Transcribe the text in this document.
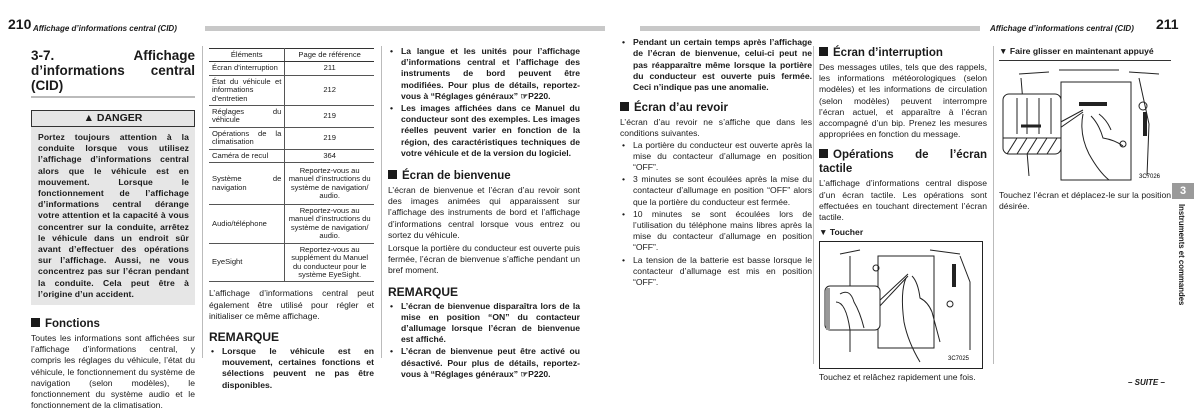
210 Affichage d’informations central (CID)	Affichage d’informations central (CID) 211
3-7. Affichage d’informations central (CID)
▲ DANGER
Portez toujours attention à la conduite lorsque vous utilisez l’affichage d’informations central alors que le véhicule est en mouvement. Lorsque le fonctionnement de l’affichage d’informations central dérange votre attention et la capacité à vous concentrer sur la conduite, arrêtez le véhicule dans un endroit sûr avant d’effectuer des opérations sur l’affichage. Aussi, ne vous concentrez pas sur l’écran pendant la conduite. Cela peut être à l’origine d’un accident.
Fonctions

Toutes les informations sont affichées sur l’affichage d’informations central, y compris les réglages du véhicule, l’état du véhicule, le fonctionnement du système de navigation (selon modèles), le fonctionnement du système audio et le fonctionnement de la climatisation.

Éléments	Page de référence
Écran d’interruption	211
État du véhicule et informations d’entretien	212
Réglages du véhicule	219
Opérations de la climatisation	219
Caméra de recul	364
Système de navigation	Reportez-vous au manuel d’instructions du système de navigation/ audio.
Audio/téléphone	Reportez-vous au manuel d’instructions du système de navigation/ audio.
EyeSight	Reportez-vous au supplément du Manuel du conducteur pour le système EyeSight.

L’affichage d’informations central peut également être utilisé pour régler et initialiser ce même affichage.

REMARQUE
• Lorsque le véhicule est en mouvement, certaines fonctions et sélections peuvent ne pas être disponibles.
• La langue et les unités pour l’affichage d’informations central et l’affichage des instruments de bord peuvent être modifiées. Pour plus de détails, reportez-vous à “Réglages généraux” ☞P220.
• Les images affichées dans ce Manuel du conducteur sont des exemples. Les images réelles peuvent varier en fonction de la région, des caractéristiques techniques de votre véhicule et de la version du logiciel.
Écran de bienvenue

L’écran de bienvenue et l’écran d’au revoir sont des images animées qui apparaissent sur l’affichage des instruments de bord et l’affichage d’informations central lorsque vous entrez ou sortez du véhicule.

Lorsque la portière du conducteur est ouverte puis fermée, l’écran de bienvenue s’affiche pendant un bref moment.

REMARQUE
• L’écran de bienvenue disparaîtra lors de la mise en position “ON” du contacteur d’allumage lorsque l’écran de bienvenue est affiché.
• L’écran de bienvenue peut être activé ou désactivé. Pour plus de détails, reportez-vous à “Réglages généraux” ☞P220.
• Pendant un certain temps après l’affichage de l’écran de bienvenue, celui-ci peut ne pas réapparaître même lorsque la portière du conducteur est ouverte puis fermée. Ceci n’indique pas une anomalie.
Écran d’au revoir

L’écran d’au revoir ne s’affiche que dans les conditions suivantes.

• La portière du conducteur est ouverte après la mise du contacteur d’allumage en position “OFF”.
• 3 minutes se sont écoulées après la mise du contacteur d’allumage en position “OFF” alors que la portière du conducteur est fermée.
• 10 minutes se sont écoulées lors de l’utilisation du téléphone mains libres après la mise du contacteur d’allumage en position “OFF”.
• La tension de la batterie est basse lorsque le contacteur d’allumage est mis en position “OFF”.
Écran d’interruption

Des messages utiles, tels que des rappels, les informations météorologiques (selon modèles) et les informations de circulation (selon modèles) peuvent interrompre l’écran actuel, et apparaître à l’écran accompagné d’un bip. Prenez les mesures appropriées en fonction du message.

Opérations de l’écran tactile

L’affichage d’informations central dispose d’un écran tactile. Les opérations sont effectuées en touchant directement l’écran tactile.

▼ Toucher
3C7025

Touchez et relâchez rapidement une fois.

▼ Faire glisser en maintenant appuyé
3C7026

Touchez l’écran et déplacez-le sur la position désirée.

3
Instruments et commandes
– SUITE –
